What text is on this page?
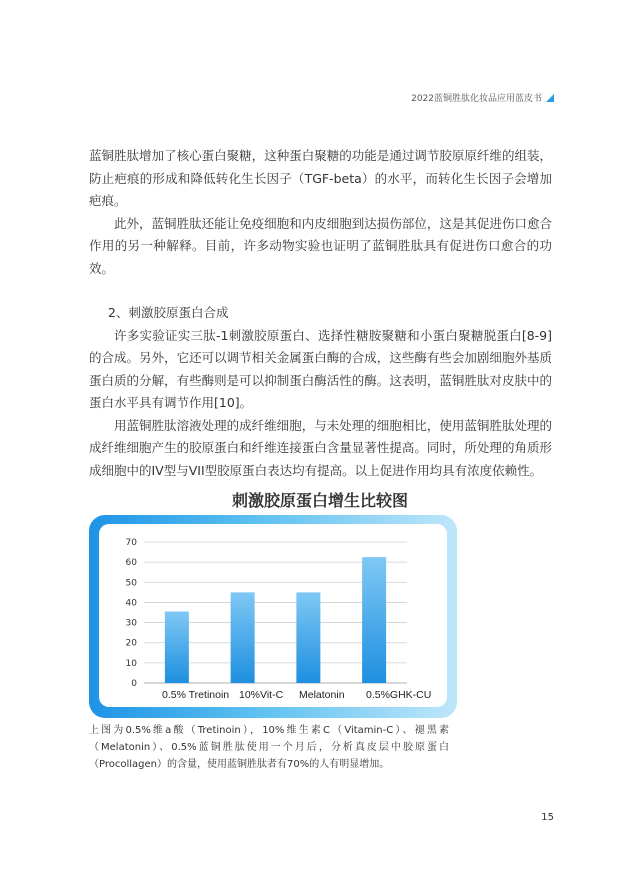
2022蓝铜胜肽化妆品应用蓝皮书

蓝铜胜肽增加了核心蛋白聚糖，这种蛋白聚糖的功能是通过调节胶原原纤维的组装，防止疤痕的形成和降低转化生长因子（TGF-beta）的水平，而转化生长因子会增加疤痕。

此外，蓝铜胜肽还能让免疫细胞和内皮细胞到达损伤部位，这是其促进伤口愈合作用的另一种解释。目前，许多动物实验也证明了蓝铜胜肽具有促进伤口愈合的功效。

2、刺激胶原蛋白合成

许多实验证实三肽-1刺激胶原蛋白、选择性糖胺聚糖和小蛋白聚糖脱蛋白[8-9]的合成。另外，它还可以调节相关金属蛋白酶的合成，这些酶有些会加剧细胞外基质蛋白质的分解，有些酶则是可以抑制蛋白酶活性的酶。这表明，蓝铜胜肽对皮肤中的蛋白水平具有调节作用[10]。

用蓝铜胜肽溶液处理的成纤维细胞，与未处理的细胞相比，使用蓝铜胜肽处理的成纤维细胞产生的胶原蛋白和纤维连接蛋白含量显著性提高。同时，所处理的角质形成细胞中的IV型与VII型胶原蛋白表达均有提高。以上促进作用均具有浓度依赖性。

刺激胶原蛋白增生比较图
0
10
20
30
40
50
60
70
0.5% Tretinoin 10%Vit-C Melatonin 0.5%GHK-CU
上图为0.5%维a酸（Tretinoin），10%维生素C（Vitamin-C）、褪黑素（Melatonin）、0.5%蓝铜胜肽使用一个月后，分析真皮层中胶原蛋白（Procollagen）的含量，使用蓝铜胜肽者有70%的人有明显增加。
15
